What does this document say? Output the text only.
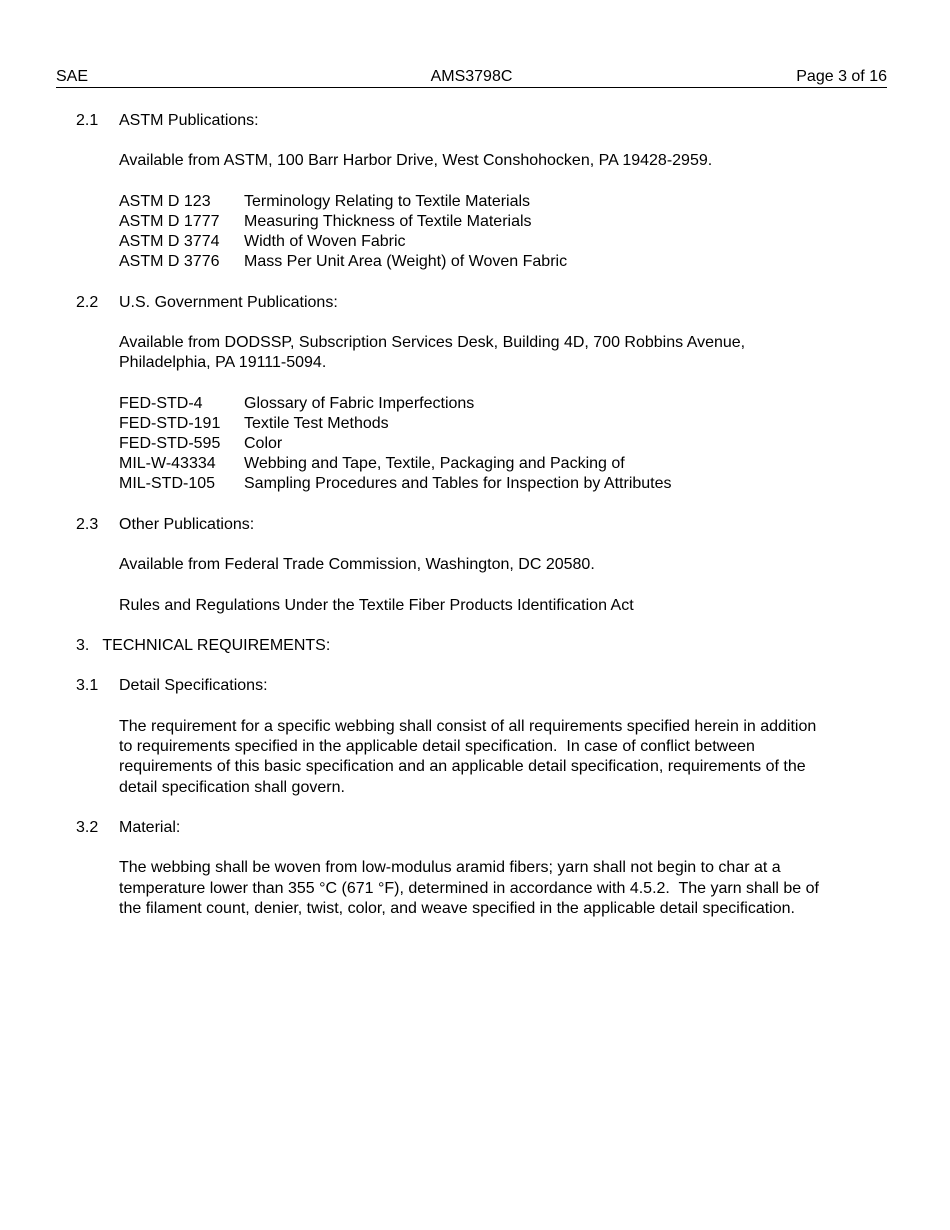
SAE	AMS3798C	Page 3 of 16
2.1 ASTM Publications:
Available from ASTM, 100 Barr Harbor Drive, West Conshohocken, PA 19428-2959.
ASTM D 123 Terminology Relating to Textile Materials
ASTM D 1777 Measuring Thickness of Textile Materials
ASTM D 3774 Width of Woven Fabric
ASTM D 3776 Mass Per Unit Area (Weight) of Woven Fabric
2.2 U.S. Government Publications:
Available from DODSSP, Subscription Services Desk, Building 4D, 700 Robbins Avenue,
Philadelphia, PA 19111-5094.
FED-STD-4	Glossary of Fabric Imperfections
FED-STD-191 Textile Test Methods
FED-STD-595 Color
MIL-W-43334 Webbing and Tape, Textile, Packaging and Packing of
MIL-STD-105 Sampling Procedures and Tables for Inspection by Attributes
2.3 Other Publications:
Available from Federal Trade Commission, Washington, DC 20580.
Rules and Regulations Under the Textile Fiber Products Identification Act
3.   TECHNICAL REQUIREMENTS:
3.1 Detail Specifications:
The requirement for a specific webbing shall consist of all requirements specified herein in addition
to requirements specified in the applicable detail specification.  In case of conflict between
requirements of this basic specification and an applicable detail specification, requirements of the
detail specification shall govern.
3.2 Material:
The webbing shall be woven from low-modulus aramid fibers; yarn shall not begin to char at a
temperature lower than 355 °C (671 °F), determined in accordance with 4.5.2.  The yarn shall be of
the filament count, denier, twist, color, and weave specified in the applicable detail specification.
